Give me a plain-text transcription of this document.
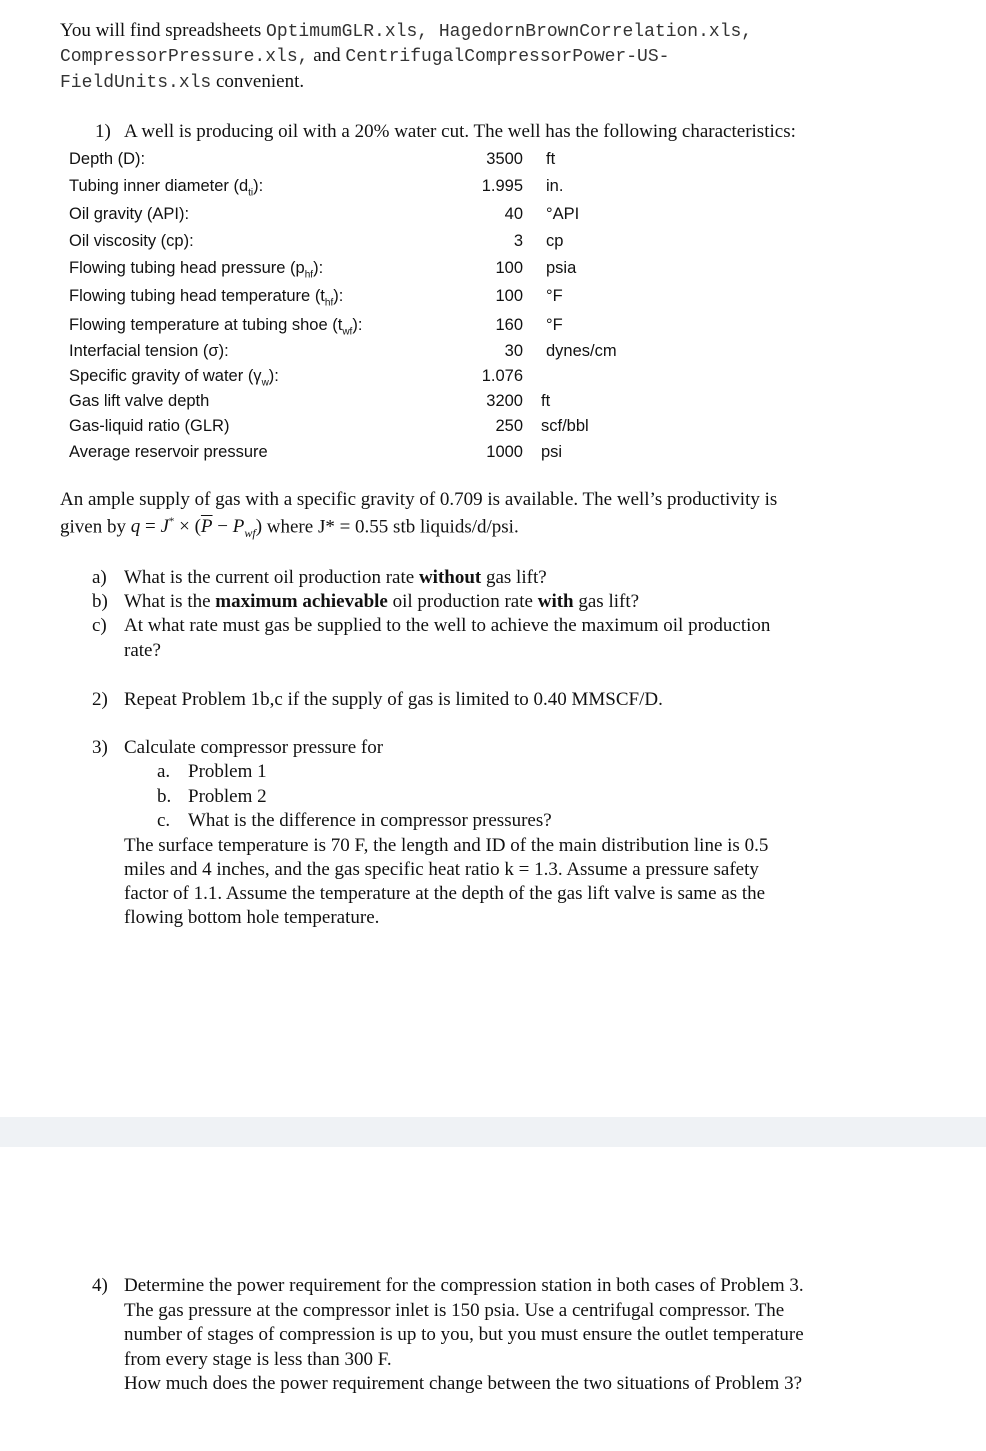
You will find spreadsheets OptimumGLR.xls, HagedornBrownCorrelation.xls,
CompressorPressure.xls, and CentrifugalCompressorPower-US-
FieldUnits.xls convenient.
1) A well is producing oil with a 20% water cut. The well has the following characteristics:
Depth (D):	3500 ft
Tubing inner diameter $(d_{ti})$:	1.995 in.
Oil gravity (API):	40 °API
Oil viscosity (cp):	3 cp
Flowing tubing head pressure $(p_{hf})$:	100 psia
Flowing tubing head temperature $(t_{hf})$:	100 °F
Flowing temperature at tubing shoe $(t_{wf})$:	160 °F
Interfacial tension (σ):	30 dynes/cm
Specific gravity of water $(\gamma_w)$:	1.076
Gas lift valve depth	3200 ft
Gas-liquid ratio (GLR)	250 scf/bbl
Average reservoir pressure	1000 psi
An ample supply of gas with a specific gravity of 0.709 is available. The well’s productivity is
given by $q = J^* \times (\overline{P} - P_{wf})$ where J* = 0.55 stb liquids/d/psi.
a) What is the current oil production rate without gas lift?
b) What is the maximum achievable oil production rate with gas lift?
c) At what rate must gas be supplied to the well to achieve the maximum oil production
rate?
2) Repeat Problem 1b,c if the supply of gas is limited to 0.40 MMSCF/D.
3) Calculate compressor pressure for
a. Problem 1
b. Problem 2
c. What is the difference in compressor pressures?
The surface temperature is 70 F, the length and ID of the main distribution line is 0.5
miles and 4 inches, and the gas specific heat ratio k = 1.3. Assume a pressure safety
factor of 1.1. Assume the temperature at the depth of the gas lift valve is same as the
flowing bottom hole temperature.
4) Determine the power requirement for the compression station in both cases of Problem 3.
The gas pressure at the compressor inlet is 150 psia. Use a centrifugal compressor. The
number of stages of compression is up to you, but you must ensure the outlet temperature
from every stage is less than 300 F.
How much does the power requirement change between the two situations of Problem 3?
